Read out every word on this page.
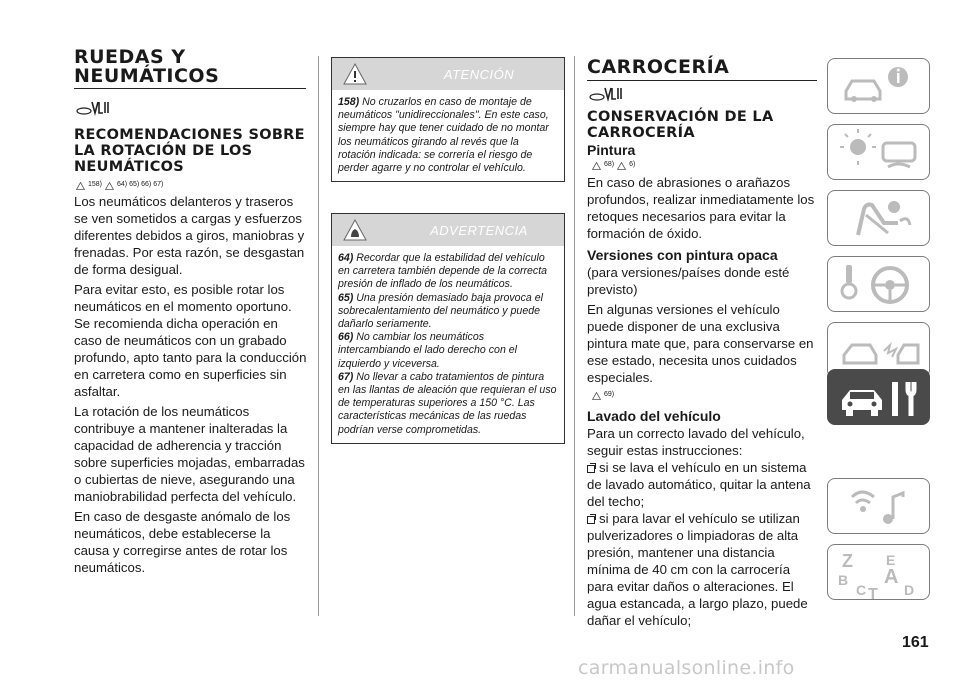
RUEDAS Y NEUMÁTICOS
RECOMENDACIONES SOBRE LA ROTACIÓN DE LOS NEUMÁTICOS
158) 64) 65) 66) 67)

Los neumáticos delanteros y traseros se ven sometidos a cargas y esfuerzos diferentes debidos a giros, maniobras y frenadas. Por esta razón, se desgastan de forma desigual.

Para evitar esto, es posible rotar los neumáticos en el momento oportuno. Se recomienda dicha operación en caso de neumáticos con un grabado profundo, apto tanto para la conducción en carretera como en superficies sin asfaltar.

La rotación de los neumáticos contribuye a mantener inalteradas la capacidad de adherencia y tracción sobre superficies mojadas, embarradas o cubiertas de nieve, asegurando una maniobrabilidad perfecta del vehículo.

En caso de desgaste anómalo de los neumáticos, debe establecerse la causa y corregirse antes de rotar los neumáticos.

ATENCIÓN
158) No cruzarlos en caso de montaje de neumáticos "unidireccionales". En este caso, siempre hay que tener cuidado de no montar los neumáticos girando al revés que la rotación indicada: se correría el riesgo de perder agarre y no controlar el vehículo.
ADVERTENCIA
64) Recordar que la estabilidad del vehículo en carretera también depende de la correcta presión de inflado de los neumáticos.
65) Una presión demasiado baja provoca el sobrecalentamiento del neumático y puede dañarlo seriamente.
66) No cambiar los neumáticos intercambiando el lado derecho con el izquierdo y viceversa.
67) No llevar a cabo tratamientos de pintura en las llantas de aleación que requieran el uso de temperaturas superiores a 150 °C. Las características mecánicas de las ruedas podrían verse comprometidas.
CARROCERÍA
CONSERVACIÓN DE LA CARROCERÍA
Pintura
68) 6)

En caso de abrasiones o arañazos profundos, realizar inmediatamente los retoques necesarios para evitar la formación de óxido.

Versiones con pintura opaca

(para versiones/países donde esté previsto)

En algunas versiones el vehículo puede disponer de una exclusiva pintura mate que, para conservarse en ese estado, necesita unos cuidados especiales.

69)

Lavado del vehículo

Para un correcto lavado del vehículo, seguir estas instrucciones:

si se lava el vehículo en un sistema de lavado automático, quitar la antena del techo;

si para lavar el vehículo se utilizan pulverizadores o limpiadoras de alta presión, mantener una distancia mínima de 40 cm con la carrocería para evitar daños o alteraciones. El agua estancada, a largo plazo, puede dañar el vehículo;

Z E
B A
C	D
T
161
carmanualsonline.info
